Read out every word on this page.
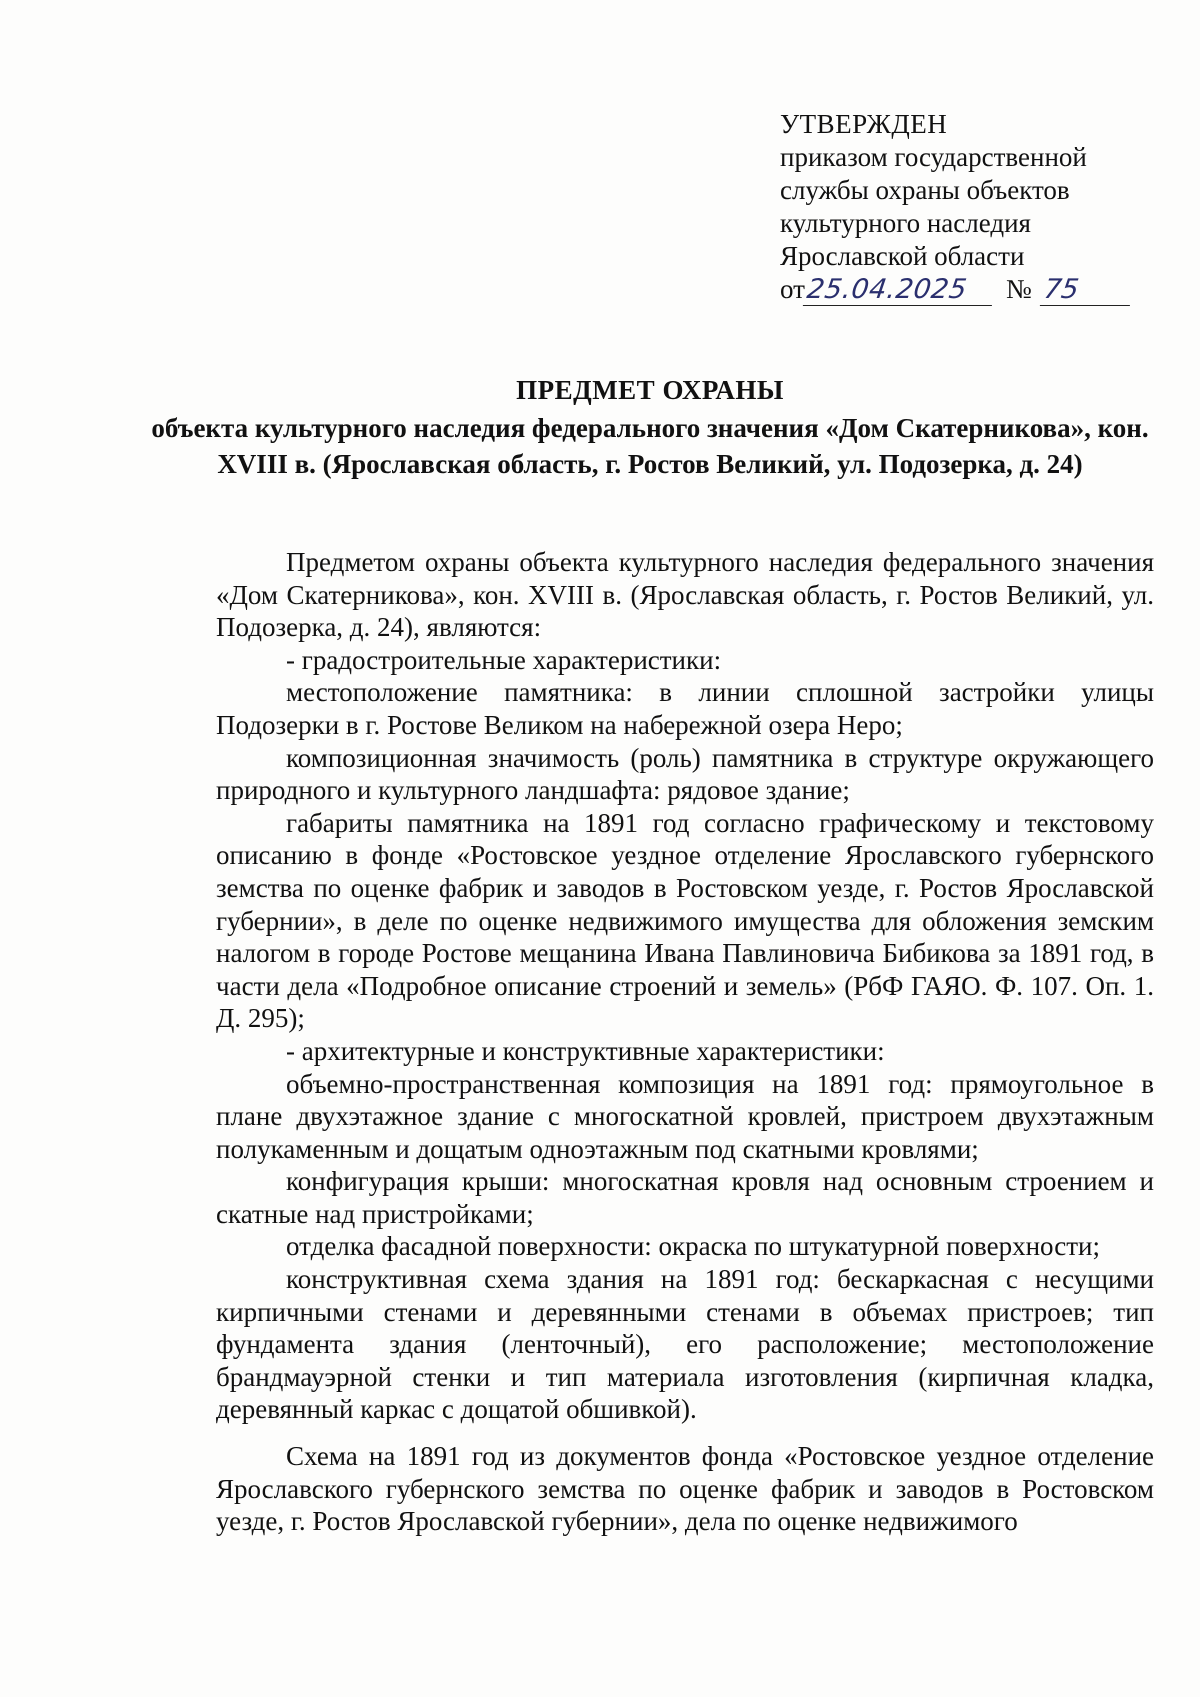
УТВЕРЖДЕН
приказом государственной
службы охраны объектов
культурного наследия
Ярославской области
от 25.04.2025	№ 75
ПРЕДМЕТ ОХРАНЫ
объекта культурного наследия федерального значения «Дом Скатерникова», кон. XVIII в. (Ярославская область, г. Ростов Великий, ул. Подозерка, д. 24)

Предметом охраны объекта культурного наследия федерального значения «Дом Скатерникова», кон. XVIII в. (Ярославская область, г. Ростов Великий, ул. Подозерка, д. 24), являются:

- градостроительные характеристики:

местоположение памятника: в линии сплошной застройки улицы Подозерки в г. Ростове Великом на набережной озера Неро;

композиционная значимость (роль) памятника в структуре окружающего природного и культурного ландшафта: рядовое здание;

габариты памятника на 1891 год согласно графическому и текстовому описанию в фонде «Ростовское уездное отделение Ярославского губернского земства по оценке фабрик и заводов в Ростовском уезде, г. Ростов Ярославской губернии», в деле по оценке недвижимого имущества для обложения земским налогом в городе Ростове мещанина Ивана Павлиновича Бибикова за 1891 год, в части дела «Подробное описание строений и земель» (РбФ ГАЯО. Ф. 107. Оп. 1. Д. 295);

- архитектурные и конструктивные характеристики:

объемно-пространственная композиция на 1891 год: прямоугольное в плане двухэтажное здание с многоскатной кровлей, пристроем двухэтажным полукаменным и дощатым одноэтажным под скатными кровлями;

конфигурация крыши: многоскатная кровля над основным строением и скатные над пристройками;

отделка фасадной поверхности: окраска по штукатурной поверхности;

конструктивная схема здания на 1891 год: бескаркасная с несущими кирпичными стенами и деревянными стенами в объемах пристроев; тип фундамента здания (ленточный), его расположение; местоположение брандмауэрной стенки и тип материала изготовления (кирпичная кладка, деревянный каркас с дощатой обшивкой).

Схема на 1891 год из документов фонда «Ростовское уездное отделение Ярославского губернского земства по оценке фабрик и заводов в Ростовском уезде, г. Ростов Ярославской губернии», дела по оценке недвижимого
